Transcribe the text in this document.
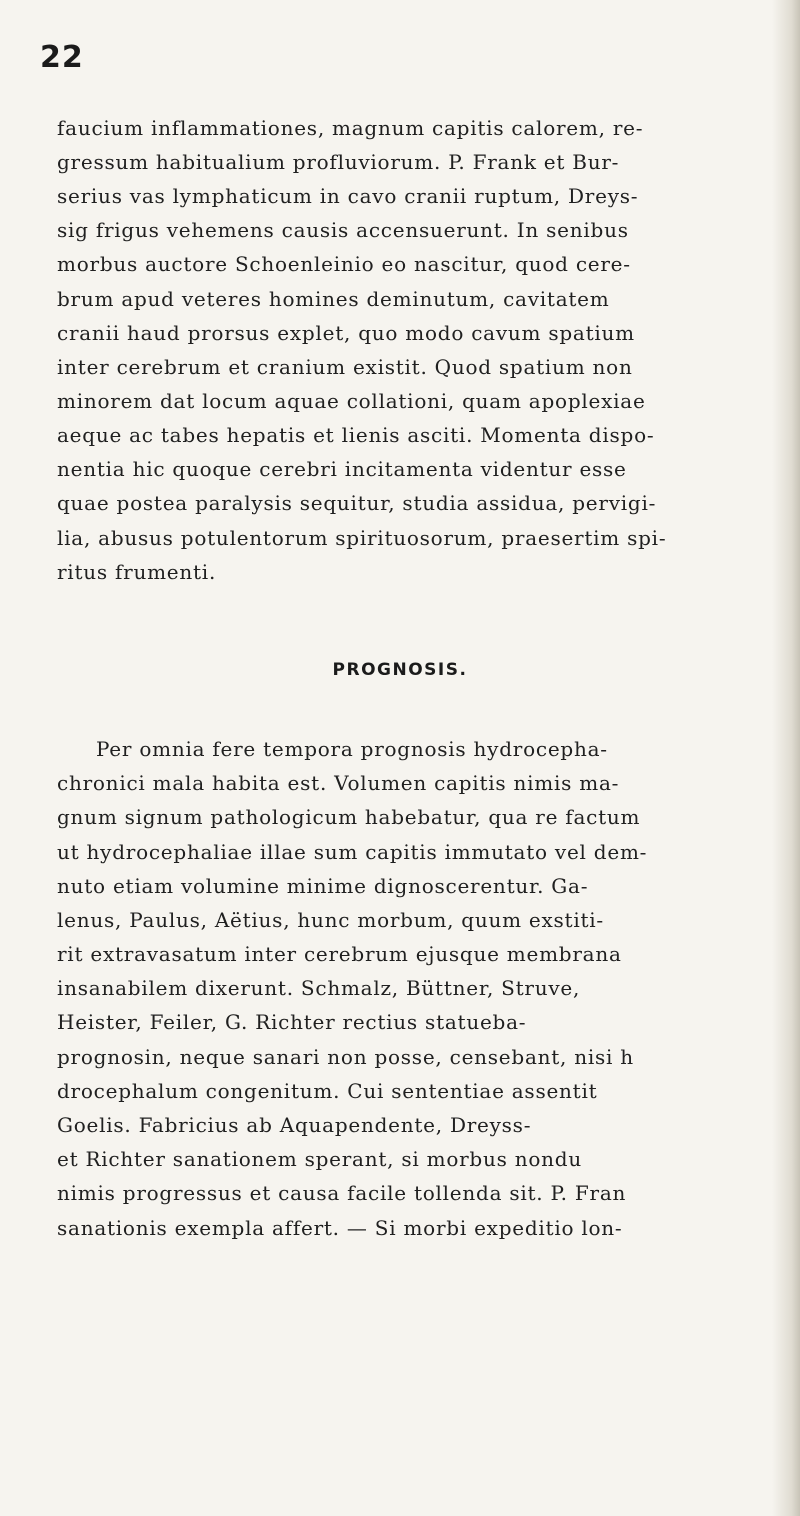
22
faucium inflammationes, magnum capitis calorem, re-
gressum habitualium profluviorum. P. Frank et Bur-
serius vas lymphaticum in cavo cranii ruptum, Dreys-
sig frigus vehemens causis accensuerunt. In senibus
morbus auctore Schoenleinio eo nascitur, quod cere-
brum apud veteres homines deminutum, cavitatem
cranii haud prorsus explet, quo modo cavum spatium
inter cerebrum et cranium existit. Quod spatium non
minorem dat locum aquae collationi, quam apoplexiae
aeque ac tabes hepatis et lienis asciti. Momenta dispo-
nentia hic quoque cerebri incitamenta videntur esse
quae postea paralysis sequitur, studia assidua, pervigi-
lia, abusus potulentorum spirituosorum, praesertim spi-
ritus frumenti.
PROGNOSIS.
Per omnia fere tempora prognosis hydrocepha-
chronici mala habita est. Volumen capitis nimis ma-
gnum signum pathologicum habebatur, qua re factum
ut hydrocephaliae illae sum capitis immutato vel dem-
nuto etiam volumine minime dignoscerentur. Ga-
lenus, Paulus, Aëtius, hunc morbum, quum exstiti-
rit extravasatum inter cerebrum ejusque membrana
insanabilem dixerunt. Schmalz, Büttner, Struve,
Heister, Feiler, G. Richter rectius statueba-
prognosin, neque sanari non posse, censebant, nisi h
drocephalum congenitum. Cui sententiae assentit
Goelis. Fabricius ab Aquapendente, Dreyss-
et Richter sanationem sperant, si morbus nondu
nimis progressus et causa facile tollenda sit. P. Fran
sanationis exempla affert. — Si morbi expeditio lon-
